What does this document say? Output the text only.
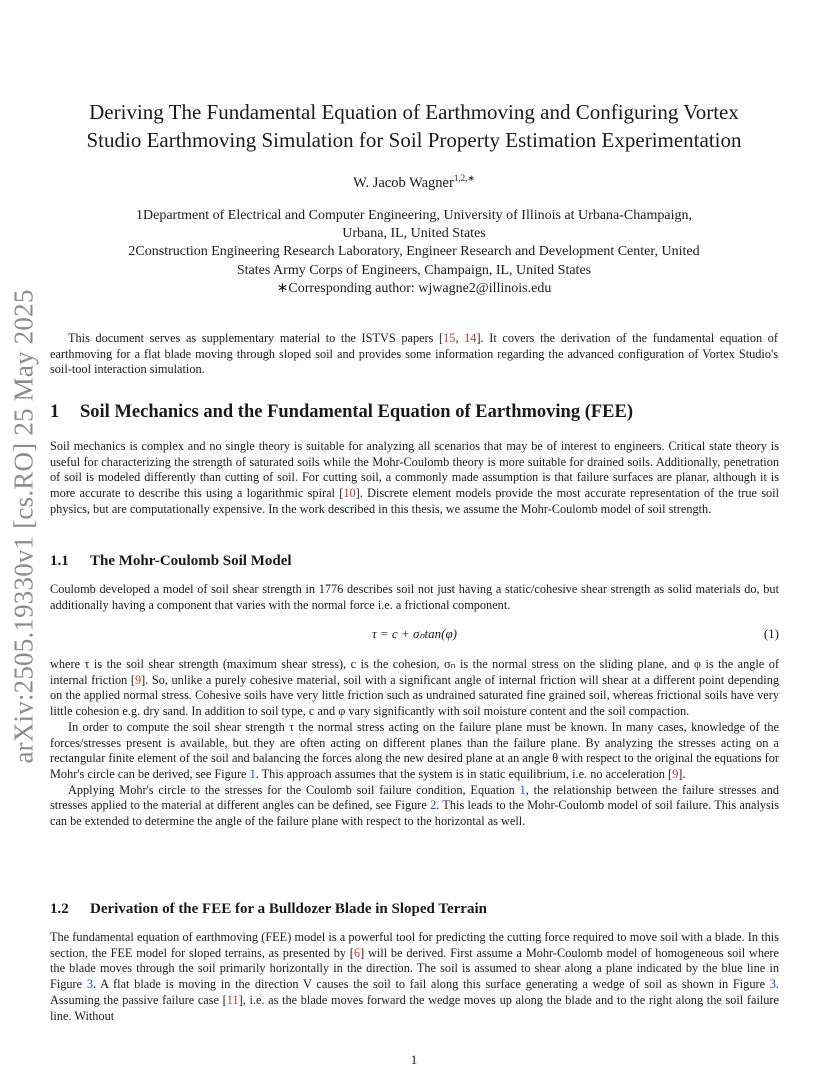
arXiv:2505.19330v1 [cs.RO] 25 May 2025
Deriving The Fundamental Equation of Earthmoving and Configuring Vortex
Studio Earthmoving Simulation for Soil Property Estimation Experimentation
W. Jacob Wagner$^{1,2,∗}$
1Department of Electrical and Computer Engineering, University of Illinois at Urbana-Champaign,
Urbana, IL, United States
2Construction Engineering Research Laboratory, Engineer Research and Development Center, United
States Army Corps of Engineers, Champaign, IL, United States
∗Corresponding author: wjwagne2@illinois.edu

This document serves as supplementary material to the ISTVS papers [15, 14]. It covers the derivation of the fundamental equation of earthmoving for a flat blade moving through sloped soil and provides some information regarding the advanced configuration of Vortex Studio's soil-tool interaction simulation.

1 Soil Mechanics and the Fundamental Equation of Earthmoving (FEE)

Soil mechanics is complex and no single theory is suitable for analyzing all scenarios that may be of interest to engineers. Critical state theory is useful for characterizing the strength of saturated soils while the Mohr-Coulomb theory is more suitable for drained soils. Additionally, penetration of soil is modeled differently than cutting of soil. For cutting soil, a commonly made assumption is that failure surfaces are planar, although it is more accurate to describe this using a logarithmic spiral [10]. Discrete element models provide the most accurate representation of the true soil physics, but are computationally expensive. In the work described in this thesis, we assume the Mohr-Coulomb model of soil strength.

1.1 The Mohr-Coulomb Soil Model

Coulomb developed a model of soil shear strength in 1776 describes soil not just having a static/cohesive shear strength as solid materials do, but additionally having a component that varies with the normal force i.e. a frictional component.

τ = c + σₙtan(φ)	(1)

where τ is the soil shear strength (maximum shear stress), c is the cohesion, σₙ is the normal stress on the sliding plane, and φ is the angle of internal friction [9]. So, unlike a purely cohesive material, soil with a significant angle of internal friction will shear at a different point depending on the applied normal stress. Cohesive soils have very little friction such as undrained saturated fine grained soil, whereas frictional soils have very little cohesion e.g. dry sand. In addition to soil type, c and φ vary significantly with soil moisture content and the soil compaction.

In order to compute the soil shear strength τ the normal stress acting on the failure plane must be known. In many cases, knowledge of the forces/stresses present is available, but they are often acting on different planes than the failure plane. By analyzing the stresses acting on a rectangular finite element of the soil and balancing the forces along the new desired plane at an angle θ with respect to the original the equations for Mohr's circle can be derived, see Figure 1. This approach assumes that the system is in static equilibrium, i.e. no acceleration [9].

Applying Mohr's circle to the stresses for the Coulomb soil failure condition, Equation 1, the relationship between the failure stresses and stresses applied to the material at different angles can be defined, see Figure 2. This leads to the Mohr-Coulomb model of soil failure. This analysis can be extended to determine the angle of the failure plane with respect to the horizontal as well.

1.2 Derivation of the FEE for a Bulldozer Blade in Sloped Terrain

The fundamental equation of earthmoving (FEE) model is a powerful tool for predicting the cutting force required to move soil with a blade. In this section, the FEE model for sloped terrains, as presented by [6] will be derived. First assume a Mohr-Coulomb model of homogeneous soil where the blade moves through the soil primarily horizontally in the direction. The soil is assumed to shear along a plane indicated by the blue line in Figure 3. A flat blade is moving in the direction V causes the soil to fail along this surface generating a wedge of soil as shown in Figure 3. Assuming the passive failure case [11], i.e. as the blade moves forward the wedge moves up along the blade and to the right along the soil failure line. Without

1
